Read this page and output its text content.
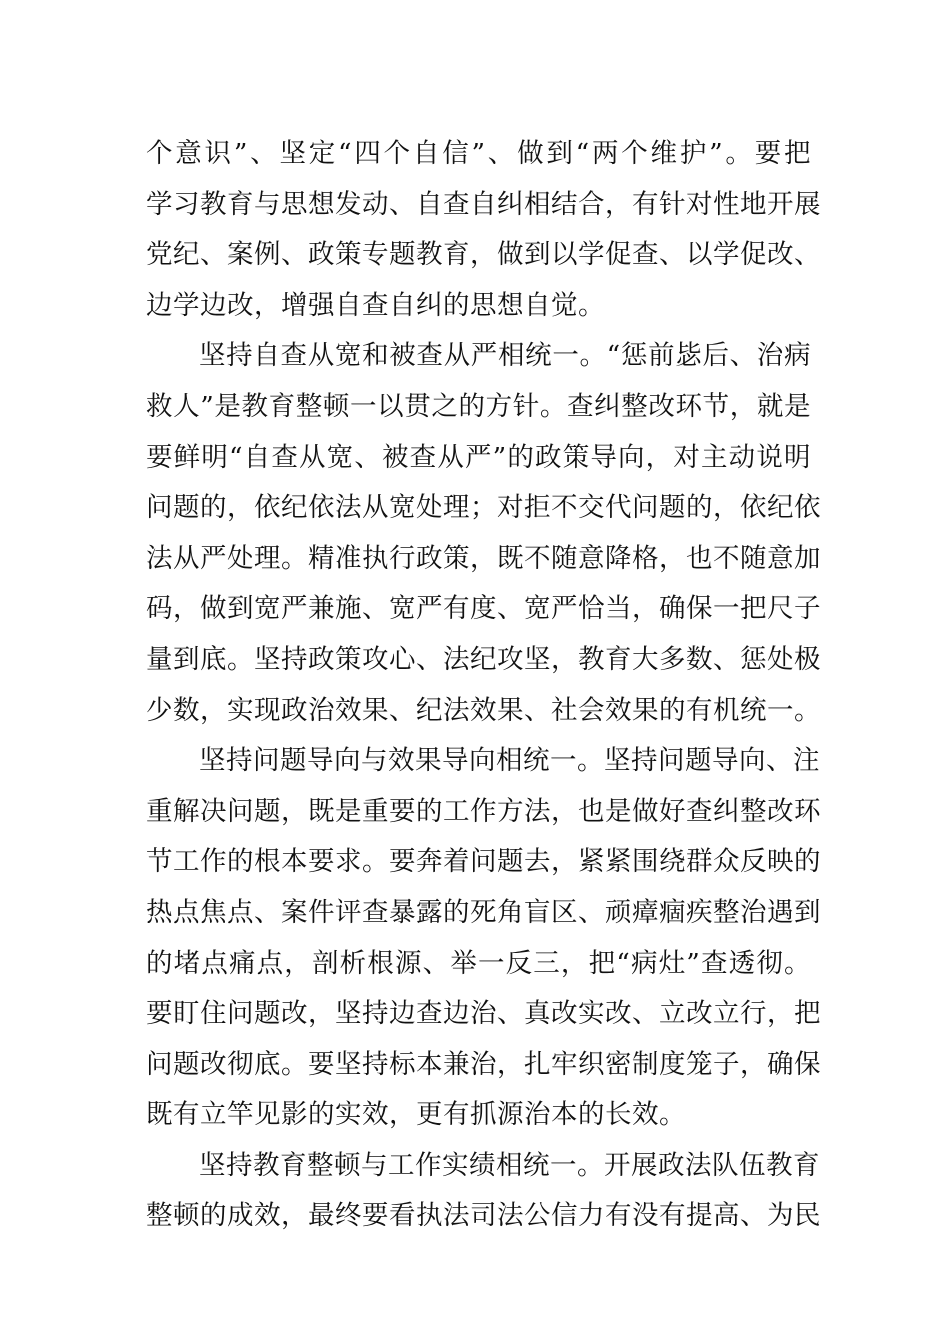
个意识”、坚定“四个自信”、做到“两个维护”。要把
学习教育与思想发动、自查自纠相结合，有针对性地开展
党纪、案例、政策专题教育，做到以学促查、以学促改、
边学边改，增强自查自纠的思想自觉。
坚持自查从宽和被查从严相统一。“惩前毖后、治病
救人”是教育整顿一以贯之的方针。查纠整改环节，就是
要鲜明“自查从宽、被查从严”的政策导向，对主动说明
问题的，依纪依法从宽处理；对拒不交代问题的，依纪依
法从严处理。精准执行政策，既不随意降格，也不随意加
码，做到宽严兼施、宽严有度、宽严恰当，确保一把尺子
量到底。坚持政策攻心、法纪攻坚，教育大多数、惩处极
少数，实现政治效果、纪法效果、社会效果的有机统一。
坚持问题导向与效果导向相统一。坚持问题导向、注
重解决问题，既是重要的工作方法，也是做好查纠整改环
节工作的根本要求。要奔着问题去，紧紧围绕群众反映的
热点焦点、案件评查暴露的死角盲区、顽瘴痼疾整治遇到
的堵点痛点，剖析根源、举一反三，把“病灶”查透彻。
要盯住问题改，坚持边查边治、真改实改、立改立行，把
问题改彻底。要坚持标本兼治，扎牢织密制度笼子，确保
既有立竿见影的实效，更有抓源治本的长效。
坚持教育整顿与工作实绩相统一。开展政法队伍教育
整顿的成效，最终要看执法司法公信力有没有提高、为民
